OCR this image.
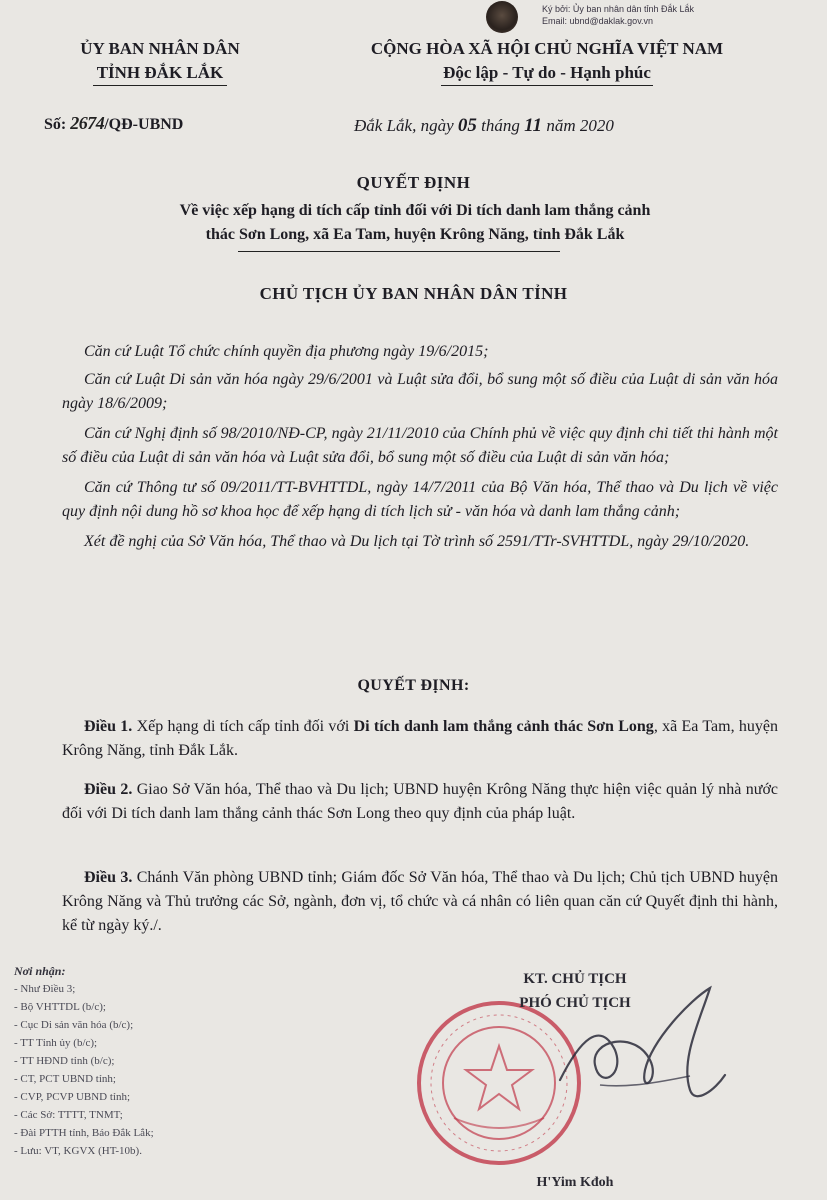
Ký bởi: Ủy ban nhân dân tỉnh Đắk Lắk
Email: ubnd@daklak.gov.vn
ỦY BAN NHÂN DÂN
TỈNH ĐẮK LẮK
CỘNG HÒA XÃ HỘI CHỦ NGHĨA VIỆT NAM
Độc lập - Tự do - Hạnh phúc
Số: 2674/QĐ-UBND	Đắk Lắk, ngày 05 tháng 11 năm 2020
QUYẾT ĐỊNH
Về việc xếp hạng di tích cấp tỉnh đối với Di tích danh lam thắng cảnh
thác Sơn Long, xã Ea Tam, huyện Krông Năng, tỉnh Đắk Lắk
CHỦ TỊCH ỦY BAN NHÂN DÂN TỈNH

Căn cứ Luật Tổ chức chính quyền địa phương ngày 19/6/2015;

Căn cứ Luật Di sản văn hóa ngày 29/6/2001 và Luật sửa đổi, bổ sung một số điều của Luật di sản văn hóa ngày 18/6/2009;

Căn cứ Nghị định số 98/2010/NĐ-CP, ngày 21/11/2010 của Chính phủ về việc quy định chi tiết thi hành một số điều của Luật di sản văn hóa và Luật sửa đổi, bổ sung một số điều của Luật di sản văn hóa;

Căn cứ Thông tư số 09/2011/TT-BVHTTDL, ngày 14/7/2011 của Bộ Văn hóa, Thể thao và Du lịch về việc quy định nội dung hồ sơ khoa học để xếp hạng di tích lịch sử - văn hóa và danh lam thắng cảnh;

Xét đề nghị của Sở Văn hóa, Thể thao và Du lịch tại Tờ trình số 2591/TTr-SVHTTDL, ngày 29/10/2020.

QUYẾT ĐỊNH:

Điều 1. Xếp hạng di tích cấp tỉnh đối với Di tích danh lam thắng cảnh thác Sơn Long, xã Ea Tam, huyện Krông Năng, tỉnh Đắk Lắk.

Điều 2. Giao Sở Văn hóa, Thể thao và Du lịch; UBND huyện Krông Năng thực hiện việc quản lý nhà nước đối với Di tích danh lam thắng cảnh thác Sơn Long theo quy định của pháp luật.

Điều 3. Chánh Văn phòng UBND tỉnh; Giám đốc Sở Văn hóa, Thể thao và Du lịch; Chủ tịch UBND huyện Krông Năng và Thủ trưởng các Sở, ngành, đơn vị, tổ chức và cá nhân có liên quan căn cứ Quyết định thi hành, kể từ ngày ký./.

Nơi nhận:
- Như Điều 3;
- Bộ VHTTDL (b/c);
- Cục Di sản văn hóa (b/c);
- TT Tỉnh ủy (b/c);
- TT HĐND tỉnh (b/c);
- CT, PCT UBND tỉnh;
- CVP, PCVP UBND tỉnh;
- Các Sở: TTTT, TNMT;
- Đài PTTH tỉnh, Báo Đắk Lắk;
- Lưu: VT, KGVX (HT-10b).
KT. CHỦ TỊCH
PHÓ CHỦ TỊCH
H'Yim Kđoh
